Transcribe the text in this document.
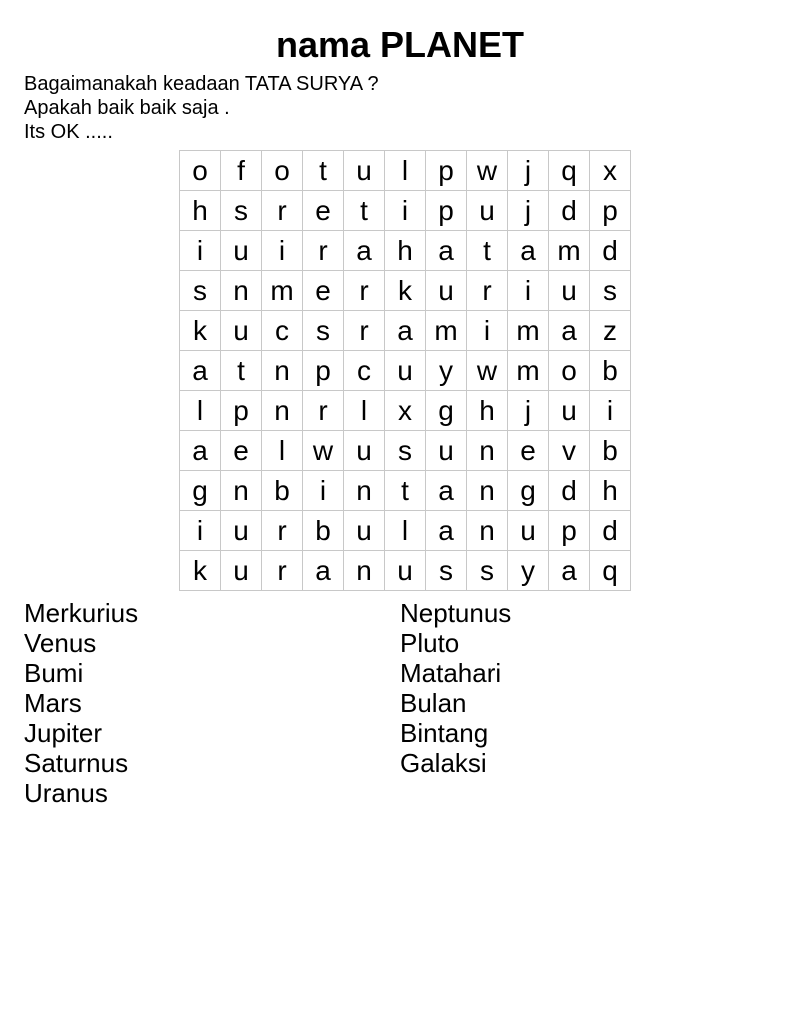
nama PLANET
Bagaimanakah keadaan TATA SURYA ?
Apakah baik baik saja .
Its OK .....
o	f	o	t	u	l	p w j	q x
h s	r	e	t	i	p u	j	d p
i	u	i	r	a h a	t	a m d
s n m e	r	k u	r	i	u s
k u c s	r	a m i m a z
a	t	n p c u y w m o b
l	p n	r	l	x g h	j	u	i
a e	l w u s u n e v b
g n b	i	n	t	a n g d h
i	u	r	b u	l	a n u p d
k u	r	a n u s s y a q
Merkurius
Venus
Bumi
Mars
Jupiter
Saturnus
Uranus
Neptunus
Pluto
Matahari
Bulan
Bintang
Galaksi
